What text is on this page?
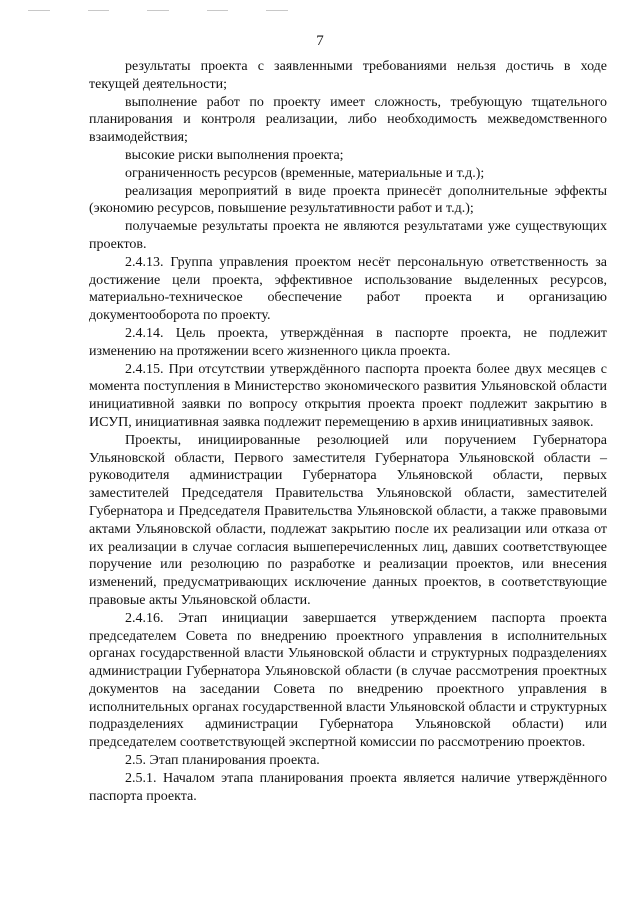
7

результаты проекта с заявленными требованиями нельзя достичь в ходе текущей деятельности;

выполнение работ по проекту имеет сложность, требующую тщательного планирования и контроля реализации, либо необходимость межведомственного взаимодействия;

высокие риски выполнения проекта;

ограниченность ресурсов (временные, материальные и т.д.);

реализация мероприятий в виде проекта принесёт дополнительные эффекты (экономию ресурсов, повышение результативности работ и т.д.);

получаемые результаты проекта не являются результатами уже существующих проектов.

2.4.13. Группа управления проектом несёт персональную ответственность за достижение цели проекта, эффективное использование выделенных ресурсов, материально-техническое обеспечение работ проекта и организацию документооборота по проекту.

2.4.14. Цель проекта, утверждённая в паспорте проекта, не подлежит изменению на протяжении всего жизненного цикла проекта.

2.4.15. При отсутствии утверждённого паспорта проекта более двух месяцев с момента поступления в Министерство экономического развития Ульяновской области инициативной заявки по вопросу открытия проекта проект подлежит закрытию в ИСУП, инициативная заявка подлежит перемещению в архив инициативных заявок.

Проекты, инициированные резолюцией или поручением Губернатора Ульяновской области, Первого заместителя Губернатора Ульяновской области – руководителя администрации Губернатора Ульяновской области, первых заместителей Председателя Правительства Ульяновской области, заместителей Губернатора и Председателя Правительства Ульяновской области, а также правовыми актами Ульяновской области, подлежат закрытию после их реализации или отказа от их реализации в случае согласия вышеперечисленных лиц, давших соответствующее поручение или резолюцию по разработке и реализации проектов, или внесения изменений, предусматривающих исключение данных проектов, в соответствующие правовые акты Ульяновской области.

2.4.16. Этап инициации завершается утверждением паспорта проекта председателем Совета по внедрению проектного управления в исполнительных органах государственной власти Ульяновской области и структурных подразделениях администрации Губернатора Ульяновской области (в случае рассмотрения проектных документов на заседании Совета по внедрению проектного управления в исполнительных органах государственной власти Ульяновской области и структурных подразделениях администрации Губернатора Ульяновской области) или председателем соответствующей экспертной комиссии по рассмотрению проектов.

2.5. Этап планирования проекта.

2.5.1. Началом этапа планирования проекта является наличие утверждённого паспорта проекта.
